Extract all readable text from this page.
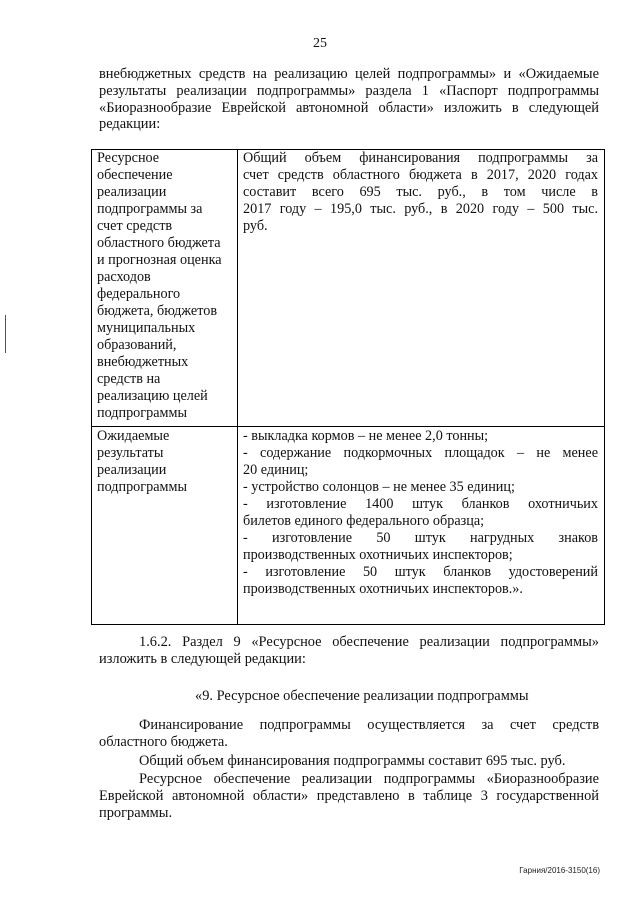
25

внебюджетных средств на реализацию целей подпрограммы» и «Ожидаемые
результаты реализации подпрограммы» раздела 1 «Паспорт подпрограммы
«Биоразнообразие Еврейской автономной области» изложить в следующей
редакции:

Ресурсное
обеспечение
реализации
подпрограммы за
счет средств
областного бюджета
и прогнозная оценка
расходов
федерального
бюджета, бюджетов
муниципальных
образований,
внебюджетных
средств на
реализацию целей
подпрограммы
Общий объем финансирования подпрограммы за
счет средств областного бюджета в 2017, 2020 годах
составит всего 695 тыс. руб., в том числе в
2017 году – 195,0 тыс. руб., в 2020 году – 500 тыс.
руб.
Ожидаемые
результаты
реализации
подпрограммы
- выкладка кормов – не менее 2,0 тонны;
- содержание подкормочных площадок – не менее
20 единиц;
- устройство солонцов – не менее 35 единиц;
- изготовление 1400 штук бланков охотничьих
билетов единого федерального образца;
- изготовление 50 штук нагрудных знаков
производственных охотничьих инспекторов;
- изготовление 50 штук бланков удостоверений
производственных охотничьих инспекторов.».
1.6.2. Раздел 9 «Ресурсное обеспечение реализации подпрограммы»
изложить в следующей редакции:
«9. Ресурсное обеспечение реализации подпрограммы
Финансирование подпрограммы осуществляется за счет средств
областного бюджета.
Общий объем финансирования подпрограммы составит 695 тыс. руб.
Ресурсное обеспечение реализации подпрограммы «Биоразнообразие
Еврейской автономной области» представлено в таблице 3 государственной
программы.
Гарния/2016-3150(16)
